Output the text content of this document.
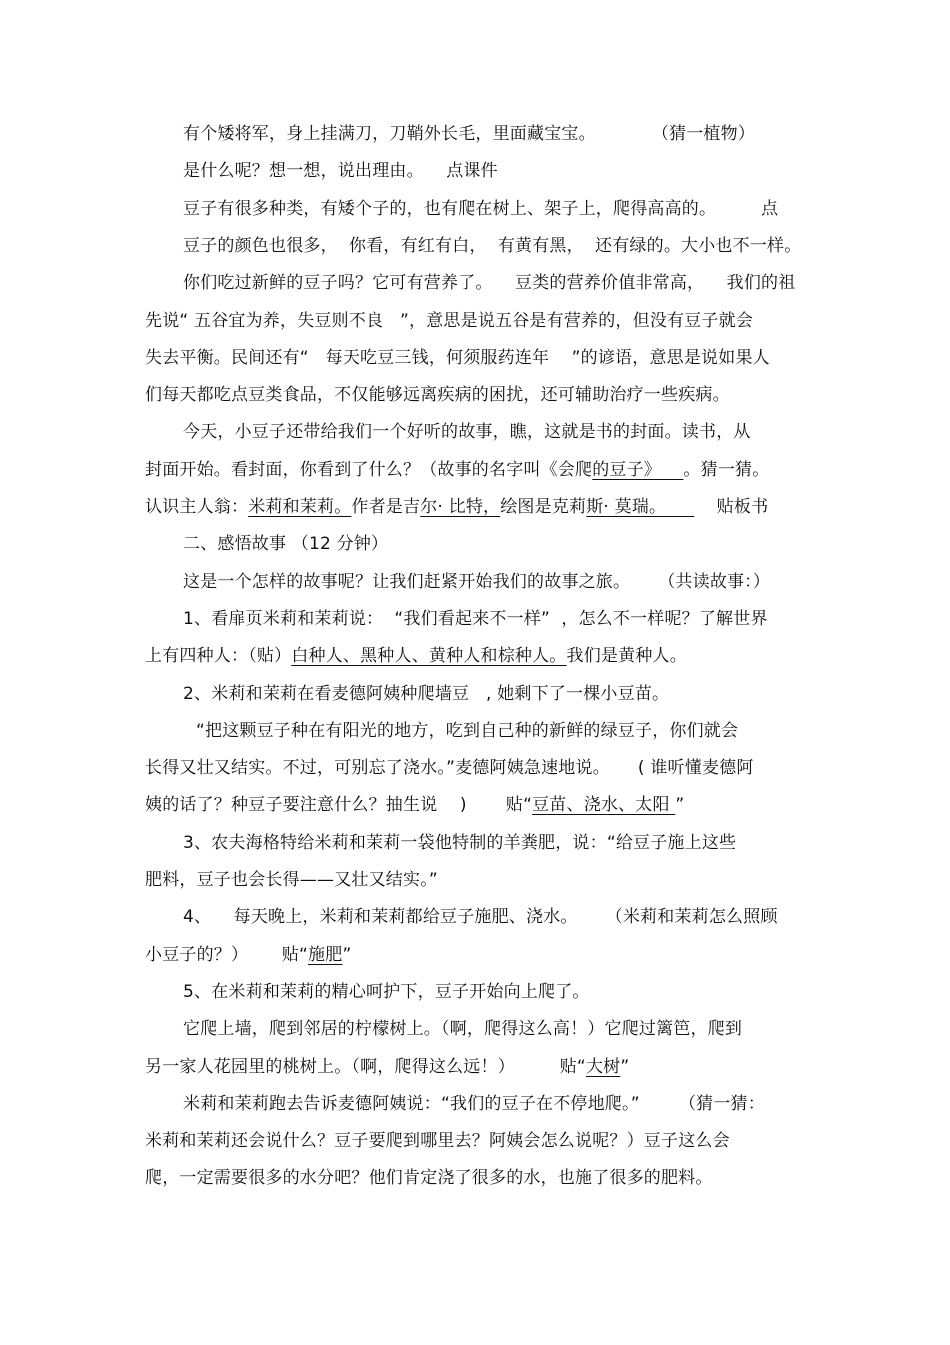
有个矮将军，身上挂满刀，刀鞘外长毛，里面藏宝宝。          （猜一植物）
是什么呢？想一想，说出理由。    点课件
豆子有很多种类，有矮个子的，也有爬在树上、架子上，爬得高高的。        点
豆子的颜色也很多，  你看，有红有白，  有黄有黑，  还有绿的。大小也不一样。
你们吃过新鲜的豆子吗？它可有营养了。    豆类的营养价值非常高，    我们的祖
先说“ 五谷宜为养，失豆则不良   ”，意思是说五谷是有营养的，但没有豆子就会
失去平衡。民间还有“   每天吃豆三钱，何须服药连年    ”的谚语，意思是说如果人
们每天都吃点豆类食品，不仅能够远离疾病的困扰，还可辅助治疗一些疾病。
今天，小豆子还带给我们一个好听的故事，瞧，这就是书的封面。读书，从
封面开始。看封面，你看到了什么？（故事的名字叫《会爬的豆子》    。猜一猜。
认识主人翁：米莉和茉莉。作者是吉尔· 比特，绘图是克莉斯· 莫瑞。         贴板书
二、感悟故事 （12 分钟）
这是一个怎样的故事呢？让我们赶紧开始我们的故事之旅。     （共读故事：）
1、看扉页米莉和茉莉说：  “我们看起来不一样”  ，怎么不一样呢？了解世界
上有四种人：（贴）白种人、黑种人、黄种人和棕种人。我们是黄种人。
2、米莉和茉莉在看麦德阿姨种爬墙豆   , 她剩下了一棵小豆苗。
“把这颗豆子种在有阳光的地方，吃到自己种的新鲜的绿豆子，你们就会
长得又壮又结实。不过，可别忘了浇水。”麦德阿姨急速地说。     ( 谁听懂麦德阿
姨的话了？种豆子要注意什么？抽生说    )       贴“豆苗、浇水、太阳 ”
3、农夫海格特给米莉和茉莉一袋他特制的羊粪肥，说：“给豆子施上这些
肥料，豆子也会长得——又壮又结实。”
4、    每天晚上，米莉和茉莉都给豆子施肥、浇水。     （米莉和茉莉怎么照顾
小豆子的？）      贴“施肥”
5、在米莉和茉莉的精心呵护下，豆子开始向上爬了。
它爬上墙，爬到邻居的柠檬树上。（啊，爬得这么高！）它爬过篱笆，爬到
另一家人花园里的桃树上。（啊，爬得这么远！）        贴“大树”
米莉和茉莉跑去告诉麦德阿姨说：“我们的豆子在不停地爬。”       （猜一猜：
米莉和茉莉还会说什么？豆子要爬到哪里去？阿姨会怎么说呢？）豆子这么会
爬，一定需要很多的水分吧？他们肯定浇了很多的水，也施了很多的肥料。
